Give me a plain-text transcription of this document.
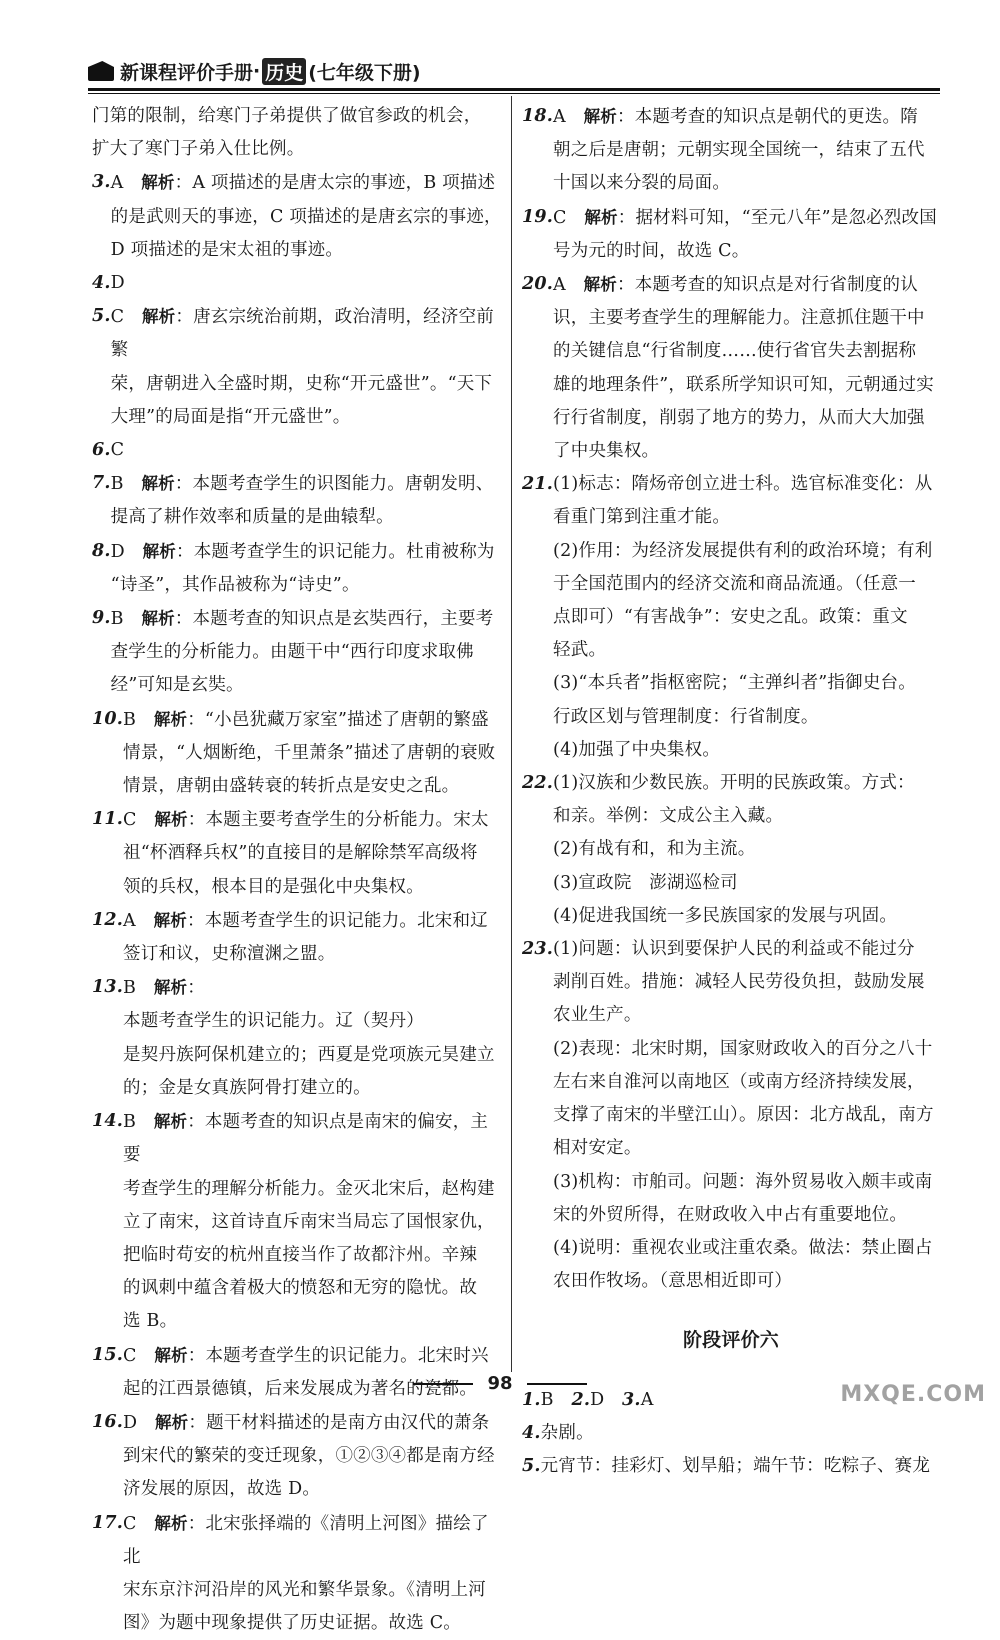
新课程评价手册 · 历史 (七年级下册)
门第的限制，给寒门子弟提供了做官参政的机会，
扩大了寒门子弟入仕比例。
3. A　 解析：A 项描述的是唐太宗的事迹，B 项描述
的是武则天的事迹，C 项描述的是唐玄宗的事迹，
D 项描述的是宋太祖的事迹。
4. D
5. C　 解析：唐玄宗统治前期，政治清明，经济空前繁
荣，唐朝进入全盛时期，史称“开元盛世”。“天下
大理”的局面是指“开元盛世”。
6. C
7. B　 解析：本题考查学生的识图能力。唐朝发明、
提高了耕作效率和质量的是曲辕犁。
8. D　 解析：本题考查学生的识记能力。杜甫被称为
“诗圣”，其作品被称为“诗史”。
9. B　 解析：本题考查的知识点是玄奘西行，主要考
查学生的分析能力。由题干中“西行印度求取佛
经”可知是玄奘。
10. B　 解析：“小邑犹藏万家室”描述了唐朝的繁盛
情景，“人烟断绝，千里萧条”描述了唐朝的衰败
情景，唐朝由盛转衰的转折点是安史之乱。
11. C　 解析：本题主要考查学生的分析能力。宋太
祖“杯酒释兵权”的直接目的是解除禁军高级将
领的兵权，根本目的是强化中央集权。
12. A　 解析：本题考查学生的识记能力。北宋和辽
签订和议，史称澶渊之盟。
13. B　 解析：本题考查学生的识记能力。辽（契丹）
是契丹族阿保机建立的；西夏是党项族元昊建立
的；金是女真族阿骨打建立的。
14. B　 解析：本题考查的知识点是南宋的偏安，主要
考查学生的理解分析能力。金灭北宋后，赵构建
立了南宋，这首诗直斥南宋当局忘了国恨家仇，
把临时苟安的杭州直接当作了故都汴州。辛辣
的讽刺中蕴含着极大的愤怒和无穷的隐忧。故
选 B。
15. C　 解析：本题考查学生的识记能力。北宋时兴
起的江西景德镇，后来发展成为著名的瓷都。
16. D　 解析：题干材料描述的是南方由汉代的萧条
到宋代的繁荣的变迁现象，①②③④都是南方经
济发展的原因，故选 D。
17. C　 解析：北宋张择端的《清明上河图》描绘了北
宋东京汴河沿岸的风光和繁华景象。《清明上河
图》为题中现象提供了历史证据。故选 C。
18. A　 解析：本题考查的知识点是朝代的更迭。隋
朝之后是唐朝；元朝实现全国统一，结束了五代
十国以来分裂的局面。
19. C　 解析：据材料可知，“至元八年”是忽必烈改国
号为元的时间，故选 C。
20. A　 解析：本题考查的知识点是对行省制度的认
识，主要考查学生的理解能力。注意抓住题干中
的关键信息“行省制度……使行省官失去割据称
雄的地理条件”，联系所学知识可知，元朝通过实
行行省制度，削弱了地方的势力，从而大大加强
了中央集权。
21. (1)标志：隋炀帝创立进士科。选官标准变化：从
看重门第到注重才能。
(2)作用：为经济发展提供有利的政治环境；有利
于全国范围内的经济交流和商品流通。（任意一
点即可）“有害战争”：安史之乱。政策：重文
轻武。
(3)“本兵者”指枢密院；“主弹纠者”指御史台。
行政区划与管理制度：行省制度。
(4)加强了中央集权。
22. (1)汉族和少数民族。开明的民族政策。方式：
和亲。举例：文成公主入藏。
(2)有战有和，和为主流。
(3)宣政院　澎湖巡检司
(4)促进我国统一多民族国家的发展与巩固。
23. (1)问题：认识到要保护人民的利益或不能过分
剥削百姓。措施：减轻人民劳役负担，鼓励发展
农业生产。
(2)表现：北宋时期，国家财政收入的百分之八十
左右来自淮河以南地区（或南方经济持续发展，
支撑了南宋的半壁江山）。原因：北方战乱，南方
相对安定。
(3)机构：市舶司。问题：海外贸易收入颇丰或南
宋的外贸所得，在财政收入中占有重要地位。
(4)说明：重视农业或注重农桑。做法：禁止圈占
农田作牧场。（意思相近即可）
阶段评价六
1.B　 2.D　 3.A
4.杂剧。
5.元宵节：挂彩灯、划旱船；端午节：吃粽子、赛龙
98	MXQE.COM
